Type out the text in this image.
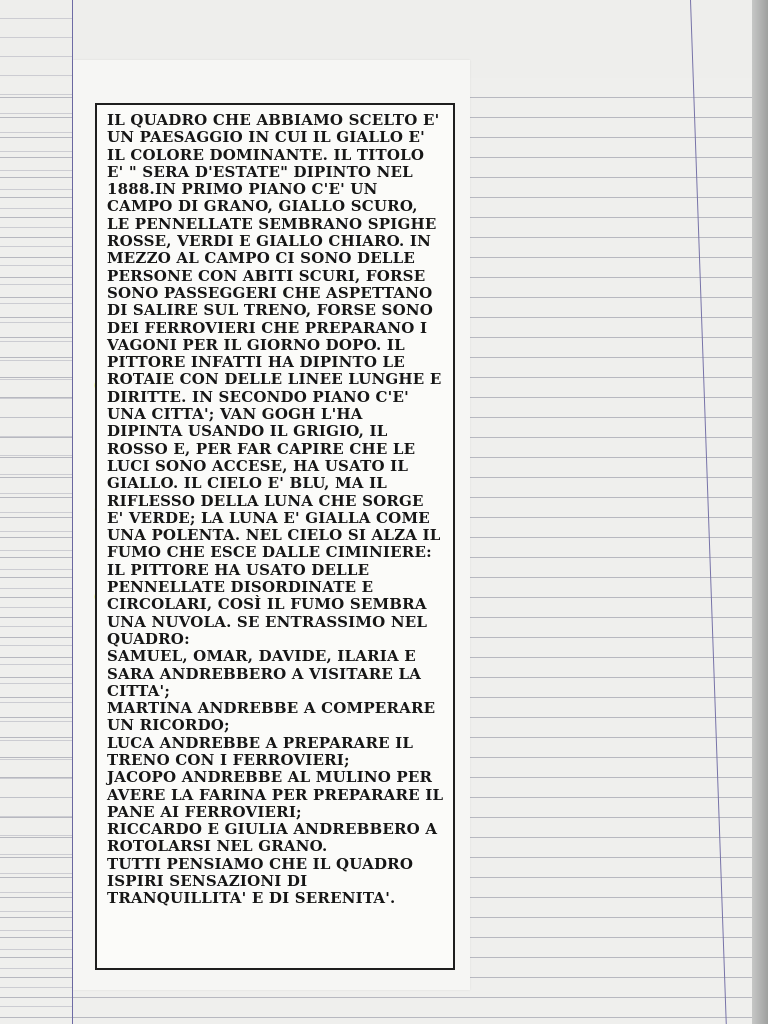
IL QUADRO CHE ABBIAMO SCELTO E'
UN PAESAGGIO IN CUI IL GIALLO E'
IL COLORE DOMINANTE. IL TITOLO
E' " SERA D'ESTATE" DIPINTO NEL
1888.IN PRIMO PIANO C'E' UN
CAMPO DI GRANO, GIALLO SCURO,
LE PENNELLATE SEMBRANO SPIGHE
ROSSE, VERDI E GIALLO CHIARO. IN
MEZZO AL CAMPO CI SONO DELLE
PERSONE CON ABITI SCURI, FORSE
SONO PASSEGGERI CHE ASPETTANO
DI SALIRE SUL TRENO, FORSE SONO
DEI FERROVIERI CHE PREPARANO I
VAGONI PER IL GIORNO DOPO. IL
PITTORE INFATTI HA DIPINTO LE
ROTAIE CON DELLE LINEE LUNGHE E
DIRITTE. IN SECONDO PIANO C'E'
UNA CITTA'; VAN GOGH L'HA
DIPINTA USANDO IL GRIGIO, IL
ROSSO E, PER FAR CAPIRE CHE LE
LUCI SONO ACCESE, HA USATO IL
GIALLO. IL CIELO E' BLU, MA IL
RIFLESSO DELLA LUNA CHE SORGE
E' VERDE; LA LUNA E' GIALLA COME
UNA POLENTA. NEL CIELO SI ALZA IL
FUMO CHE ESCE DALLE CIMINIERE:
IL PITTORE HA USATO DELLE
PENNELLATE DISORDINATE E
CIRCOLARI, COSÌ IL FUMO SEMBRA
UNA NUVOLA. SE ENTRASSIMO NEL
QUADRO:
SAMUEL, OMAR, DAVIDE, ILARIA E
SARA ANDREBBERO A VISITARE LA
CITTA';
MARTINA ANDREBBE A COMPERARE
UN RICORDO;
LUCA ANDREBBE A PREPARARE IL
TRENO CON I FERROVIERI;
JACOPO ANDREBBE AL MULINO PER
AVERE LA FARINA PER PREPARARE IL
PANE AI FERROVIERI;
RICCARDO E GIULIA ANDREBBERO A
ROTOLARSI NEL GRANO.
TUTTI PENSIAMO CHE IL QUADRO
ISPIRI SENSAZIONI DI
TRANQUILLITA' E DI SERENITA'.
